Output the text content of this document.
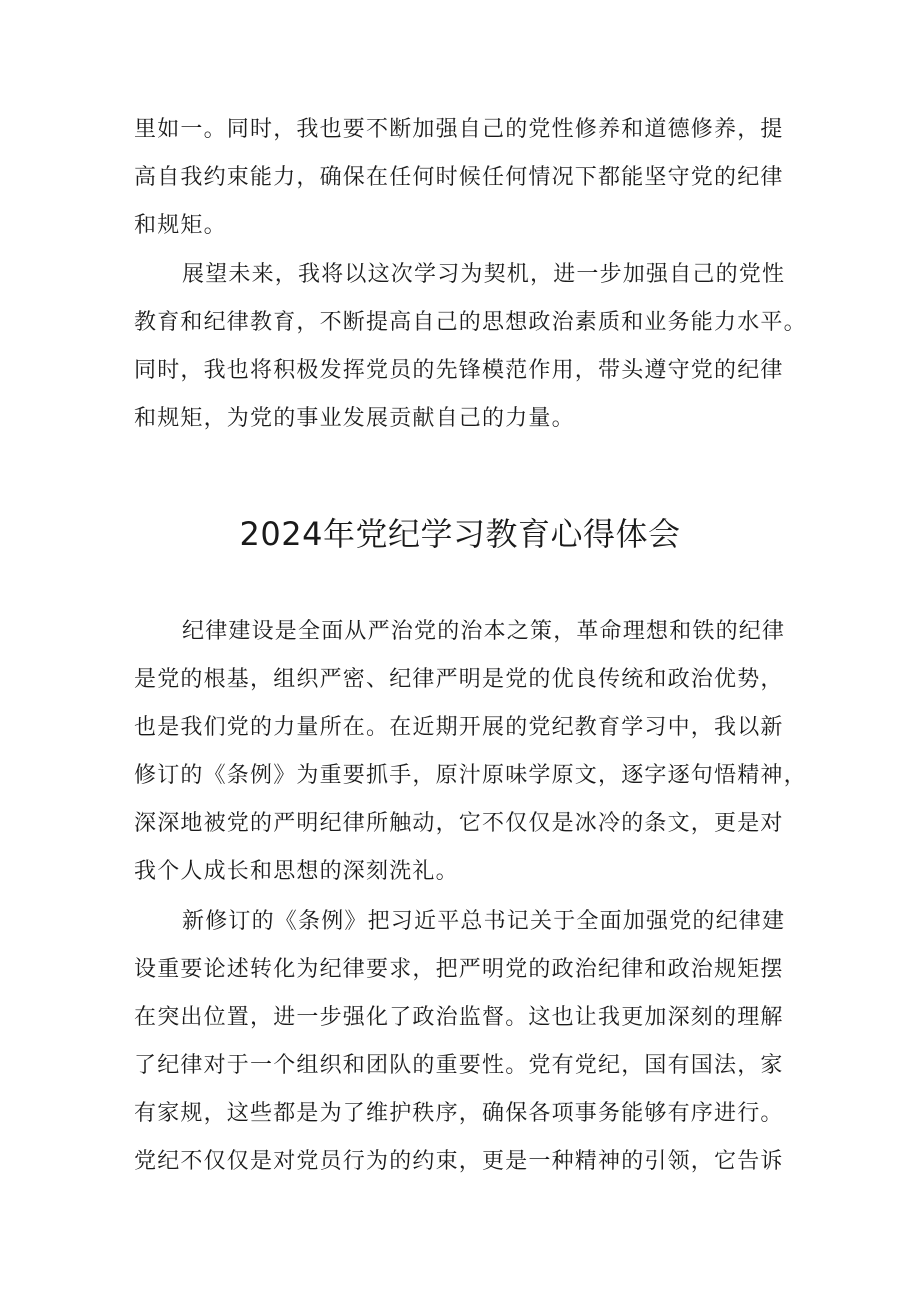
里如一。同时，我也要不断加强自己的党性修养和道德修养，提
高自我约束能力，确保在任何时候任何情况下都能坚守党的纪律
和规矩。
展望未来，我将以这次学习为契机，进一步加强自己的党性
教育和纪律教育，不断提高自己的思想政治素质和业务能力水平。
同时，我也将积极发挥党员的先锋模范作用，带头遵守党的纪律
和规矩，为党的事业发展贡献自己的力量。
2024年党纪学习教育心得体会
纪律建设是全面从严治党的治本之策，革命理想和铁的纪律
是党的根基，组织严密、纪律严明是党的优良传统和政治优势，
也是我们党的力量所在。在近期开展的党纪教育学习中，我以新
修订的《条例》为重要抓手，原汁原味学原文，逐字逐句悟精神，
深深地被党的严明纪律所触动，它不仅仅是冰冷的条文，更是对
我个人成长和思想的深刻洗礼。
新修订的《条例》把习近平总书记关于全面加强党的纪律建
设重要论述转化为纪律要求，把严明党的政治纪律和政治规矩摆
在突出位置，进一步强化了政治监督。这也让我更加深刻的理解
了纪律对于一个组织和团队的重要性。党有党纪，国有国法，家
有家规，这些都是为了维护秩序，确保各项事务能够有序进行。
党纪不仅仅是对党员行为的约束，更是一种精神的引领，它告诉
